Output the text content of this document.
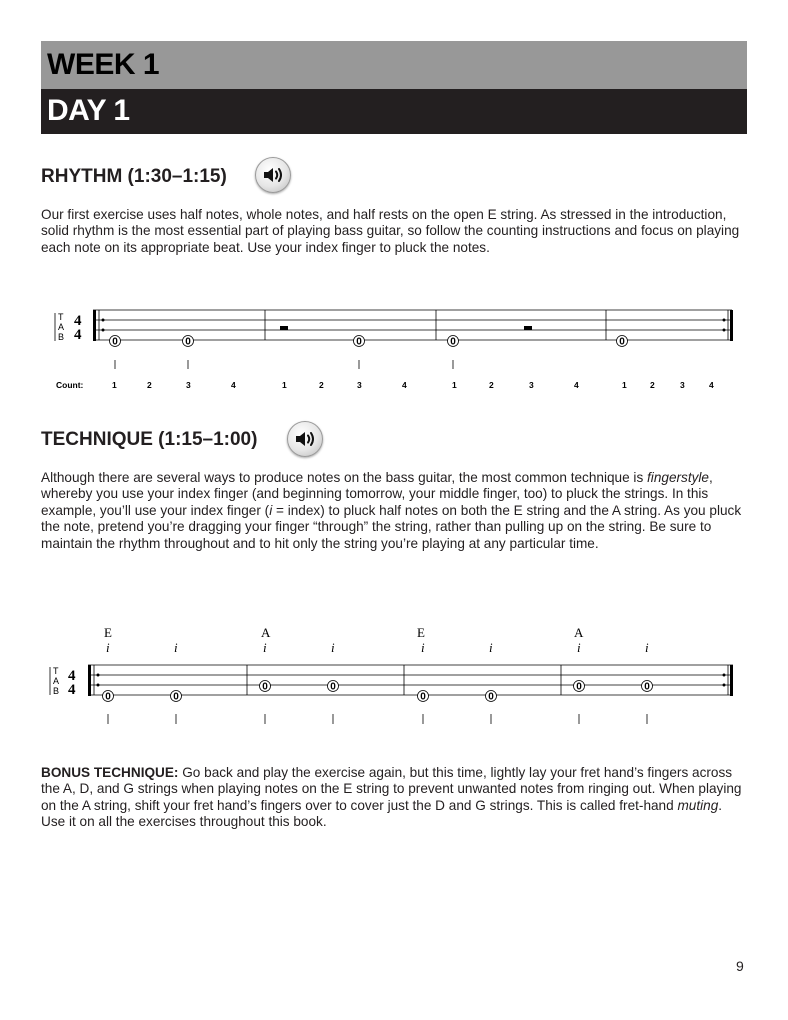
WEEK 1
DAY 1
RHYTHM (1:30–1:15)
Our first exercise uses half notes, whole notes, and half rests on the open E string. As stressed in the introduction, solid rhythm is the most essential part of playing bass guitar, so follow the counting instructions and focus on playing each note on its appropriate beat. Use your index finger to pluck the notes.
T
A
B
4
4	0	0	0	0	0
Count:	1	2	3	4	1	2	3	4	1	2	3	4	1	2	3	4
TECHNIQUE (1:15–1:00)
Although there are several ways to produce notes on the bass guitar, the most common technique is fingerstyle, whereby you use your index finger (and beginning tomorrow, your middle finger, too) to pluck the strings. In this example, you’ll use your index finger (i = index) to pluck half notes on both the E string and the A string. As you pluck the note, pretend you’re dragging your finger “through” the string, rather than pulling up on the string. Be sure to maintain the rhythm throughout and to hit only the string you’re playing at any particular time.
E	A	E	A
i	i	i	i	i	i	i	i
T
A
B
4
4	0	0
0	0
0	0
0	0
BONUS TECHNIQUE: Go back and play the exercise again, but this time, lightly lay your fret hand’s fingers across the A, D, and G strings when playing notes on the E string to prevent unwanted notes from ringing out. When playing on the A string, shift your fret hand’s fingers over to cover just the D and G strings. This is called fret-hand muting. Use it on all the exercises throughout this book.
9
